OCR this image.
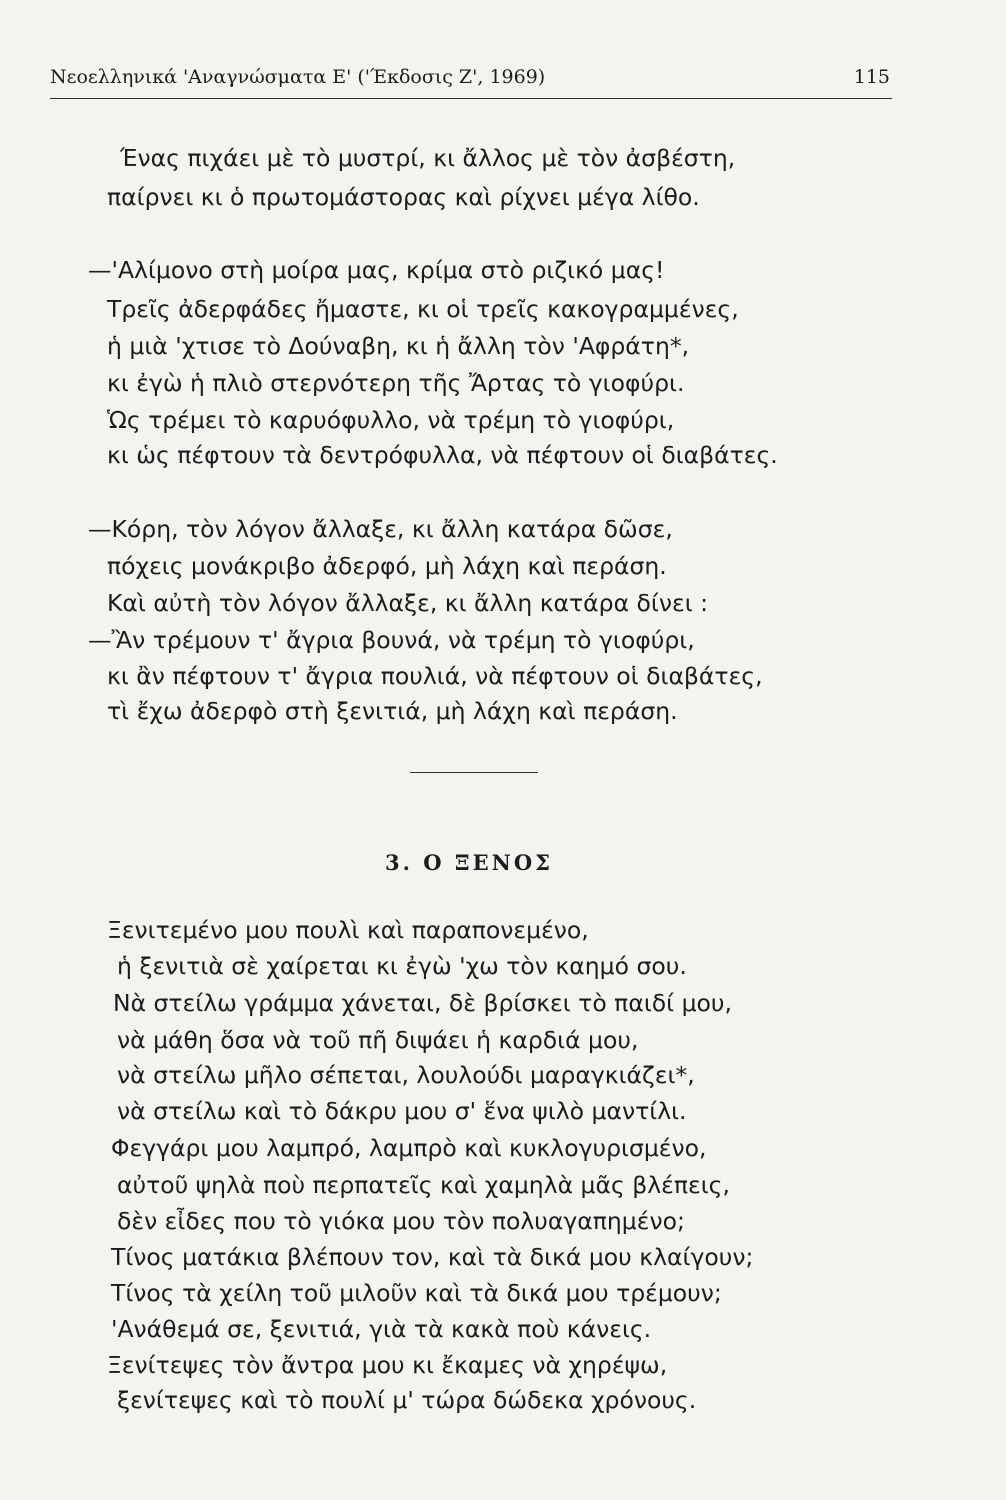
Νεοελληνικά 'Αναγνώσματα Ε' ('Έκδοσις Ζ', 1969)	115
Ένας πιχάει μὲ τὸ μυστρί, κι ἄλλος μὲ τὸν ἀσβέστη,
παίρνει κι ὁ πρωτομάστορας καὶ ρίχνει μέγα λίθο.
—'Αλίμονο στὴ μοίρα μας, κρίμα στὸ ριζικό μας!
Τρεῖς ἀδερφάδες ἤμαστε, κι οἱ τρεῖς κακογραμμένες,
ἡ μιὰ 'χτισε τὸ Δούναβη, κι ἡ ἄλλη τὸν 'Αφράτη*,
κι ἐγὼ ἡ πλιὸ στερνότερη τῆς Ἄρτας τὸ γιοφύρι.
Ὡς τρέμει τὸ καρυόφυλλο, νὰ τρέμη τὸ γιοφύρι,
κι ὡς πέφτουν τὰ δεντρόφυλλα, νὰ πέφτουν οἱ διαβάτες.
—Κόρη, τὸν λόγον ἄλλαξε, κι ἄλλη κατάρα δῶσε,
πόχεις μονάκριβο ἀδερφό, μὴ λάχη καὶ περάση.
Καὶ αὐτὴ τὸν λόγον ἄλλαξε, κι ἄλλη κατάρα δίνει :
—Ἂν τρέμουν τ' ἄγρια βουνά, νὰ τρέμη τὸ γιοφύρι,
κι ἂν πέφτουν τ' ἄγρια πουλιά, νὰ πέφτουν οἱ διαβάτες,
τὶ ἔχω ἀδερφὸ στὴ ξενιτιά, μὴ λάχη καὶ περάση.
3. Ο ΞΕΝΟΣ
Ξενιτεμένο μου πουλὶ καὶ παραπονεμένο,
ἡ ξενιτιὰ σὲ χαίρεται κι ἐγὼ 'χω τὸν καημό σου.
Νὰ στείλω γράμμα χάνεται, δὲ βρίσκει τὸ παιδί μου,
νὰ μάθη ὅσα νὰ τοῦ πῆ διψάει ἡ καρδιά μου,
νὰ στείλω μῆλο σέπεται, λουλούδι μαραγκιάζει*,
νὰ στείλω καὶ τὸ δάκρυ μου σ' ἕνα ψιλὸ μαντίλι.
Φεγγάρι μου λαμπρό, λαμπρὸ καὶ κυκλογυρισμένο,
αὐτοῦ ψηλὰ ποὺ περπατεῖς καὶ χαμηλὰ μᾶς βλέπεις,
δὲν εἶδες που τὸ γιόκα μου τὸν πολυαγαπημένο;
Τίνος ματάκια βλέπουν τον, καὶ τὰ δικά μου κλαίγουν;
Τίνος τὰ χείλη τοῦ μιλοῦν καὶ τὰ δικά μου τρέμουν;
'Ανάθεμά σε, ξενιτιά, γιὰ τὰ κακὰ ποὺ κάνεις.
Ξενίτεψες τὸν ἄντρα μου κι ἔκαμες νὰ χηρέψω,
ξενίτεψες καὶ τὸ πουλί μ' τώρα δώδεκα χρόνους.
